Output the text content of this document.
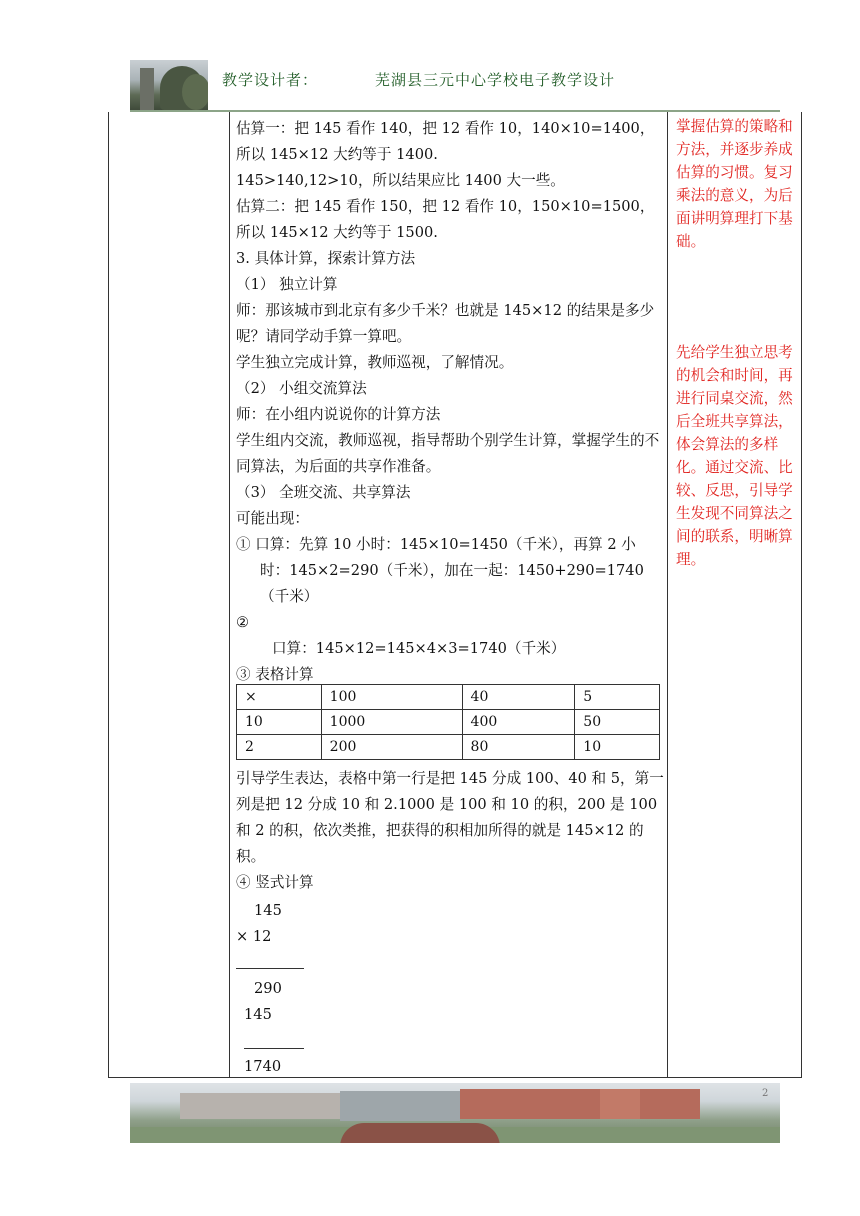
教学设计者：	芜湖县三元中心学校电子教学设计

估算一：把 145 看作 140，把 12 看作 10，140×10=1400，所以 145×12 大约等于 1400.

145>140,12>10，所以结果应比 1400 大一些。

估算二：把 145 看作 150，把 12 看作 10，150×10=1500，所以 145×12 大约等于 1500.

3. 具体计算，探索计算方法

（1） 独立计算

师：那该城市到北京有多少千米？也就是 145×12 的结果是多少呢？请同学动手算一算吧。

学生独立完成计算，教师巡视，了解情况。

（2） 小组交流算法

师：在小组内说说你的计算方法

学生组内交流，教师巡视，指导帮助个别学生计算，掌握学生的不同算法，为后面的共享作准备。

（3） 全班交流、共享算法

可能出现：

① 口算：先算 10 小时：145×10=1450（千米），再算 2 小时：145×2=290（千米），加在一起：1450+290=1740（千米）

②

口算：145×12=145×4×3=1740（千米）

③ 表格计算

×	100	40	5
10	1000	400	50
2	200	80	10

引导学生表达，表格中第一行是把 145 分成 100、40 和 5，第一列是把 12 分成 10 和 2.1000 是 100 和 10 的积，200 是 100 和 2 的积，依次类推，把获得的积相加所得的就是 145×12 的积。

④ 竖式计算

145
× 12
290
145
1740

掌握估算的策略和方法，并逐步养成估算的习惯。复习乘法的意义，为后面讲明算理打下基础。

先给学生独立思考的机会和时间，再进行同桌交流，然后全班共享算法，体会算法的多样化。通过交流、比较、反思，引导学生发现不同算法之间的联系，明晰算理。

2
